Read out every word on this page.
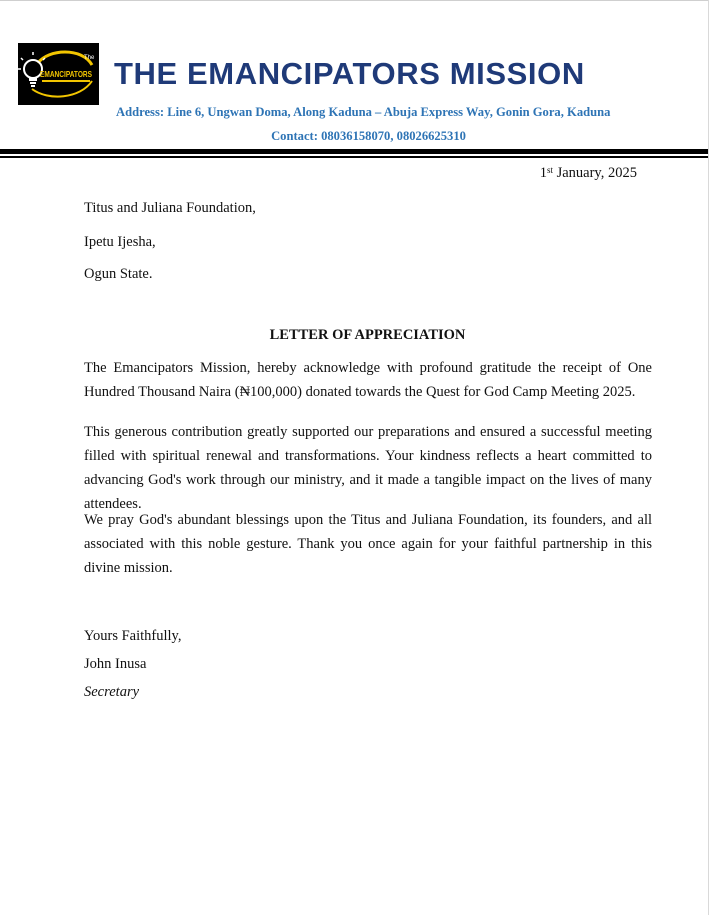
The
EMANCIPATORS THE EMANCIPATORS MISSION
Address: Line 6, Ungwan Doma, Along Kaduna – Abuja Express Way, Gonin Gora, Kaduna
Contact: 08036158070, 08026625310
1st January, 2025
Titus and Juliana Foundation,
Ipetu Ijesha,
Ogun State.
LETTER OF APPRECIATION

The Emancipators Mission, hereby acknowledge with profound gratitude the receipt of One Hundred Thousand Naira (₦100,000) donated towards the Quest for God Camp Meeting 2025.

This generous contribution greatly supported our preparations and ensured a successful meeting filled with spiritual renewal and transformations. Your kindness reflects a heart committed to advancing God's work through our ministry, and it made a tangible impact on the lives of many attendees.

We pray God's abundant blessings upon the Titus and Juliana Foundation, its founders, and all associated with this noble gesture. Thank you once again for your faithful partnership in this divine mission.

Yours Faithfully,
John Inusa
Secretary
